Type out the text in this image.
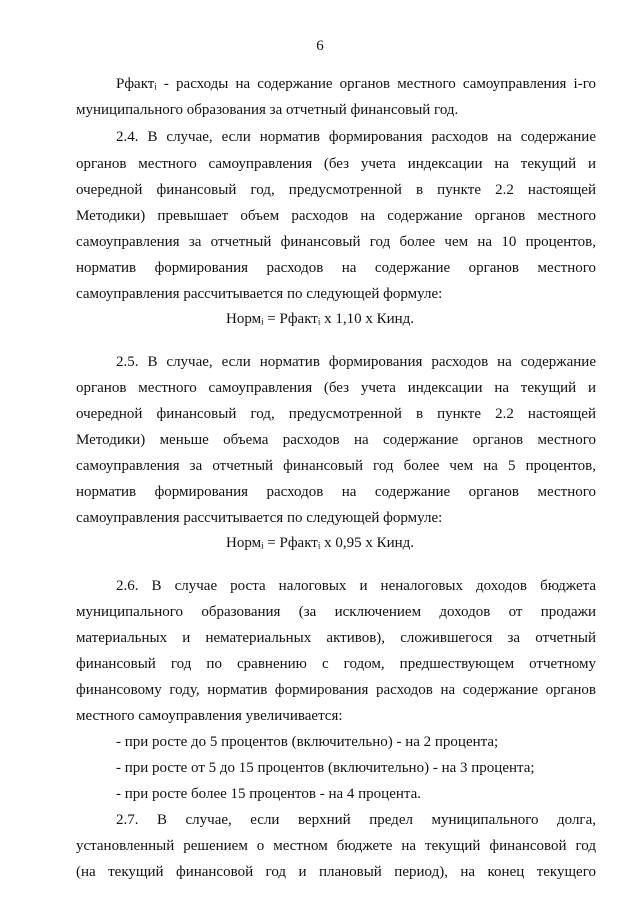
6
Рфактᵢ - расходы на содержание органов местного самоуправления i-го
муниципального образования за отчетный финансовый год.
2.4. В случае, если норматив формирования расходов на содержание
органов местного самоуправления (без учета индексации на текущий и
очередной финансовый год, предусмотренной в пункте 2.2 настоящей
Методики) превышает объем расходов на содержание органов местного
самоуправления за отчетный финансовый год более чем на 10 процентов,
норматив формирования расходов на содержание органов местного
самоуправления рассчитывается по следующей формуле:
Нормᵢ = Рфактᵢ х 1,10 х Кинд.
2.5. В случае, если норматив формирования расходов на содержание
органов местного самоуправления (без учета индексации на текущий и
очередной финансовый год, предусмотренной в пункте 2.2 настоящей
Методики) меньше объема расходов на содержание органов местного
самоуправления за отчетный финансовый год более чем на 5 процентов,
норматив формирования расходов на содержание органов местного
самоуправления рассчитывается по следующей формуле:
Нормᵢ = Рфактᵢ х 0,95 х Кинд.
2.6. В случае роста налоговых и неналоговых доходов бюджета
муниципального образования (за исключением доходов от продажи
материальных и нематериальных активов), сложившегося за отчетный
финансовый год по сравнению с годом, предшествующем отчетному
финансовому году, норматив формирования расходов на содержание органов
местного самоуправления увеличивается:
- при росте до 5 процентов (включительно) - на 2 процента;
- при росте от 5 до 15 процентов (включительно) - на 3 процента;
- при росте более 15 процентов - на 4 процента.
2.7. В случае, если верхний предел муниципального долга,
установленный решением о местном бюджете на текущий финансовой год
(на текущий финансовой год и плановый период), на конец текущего
